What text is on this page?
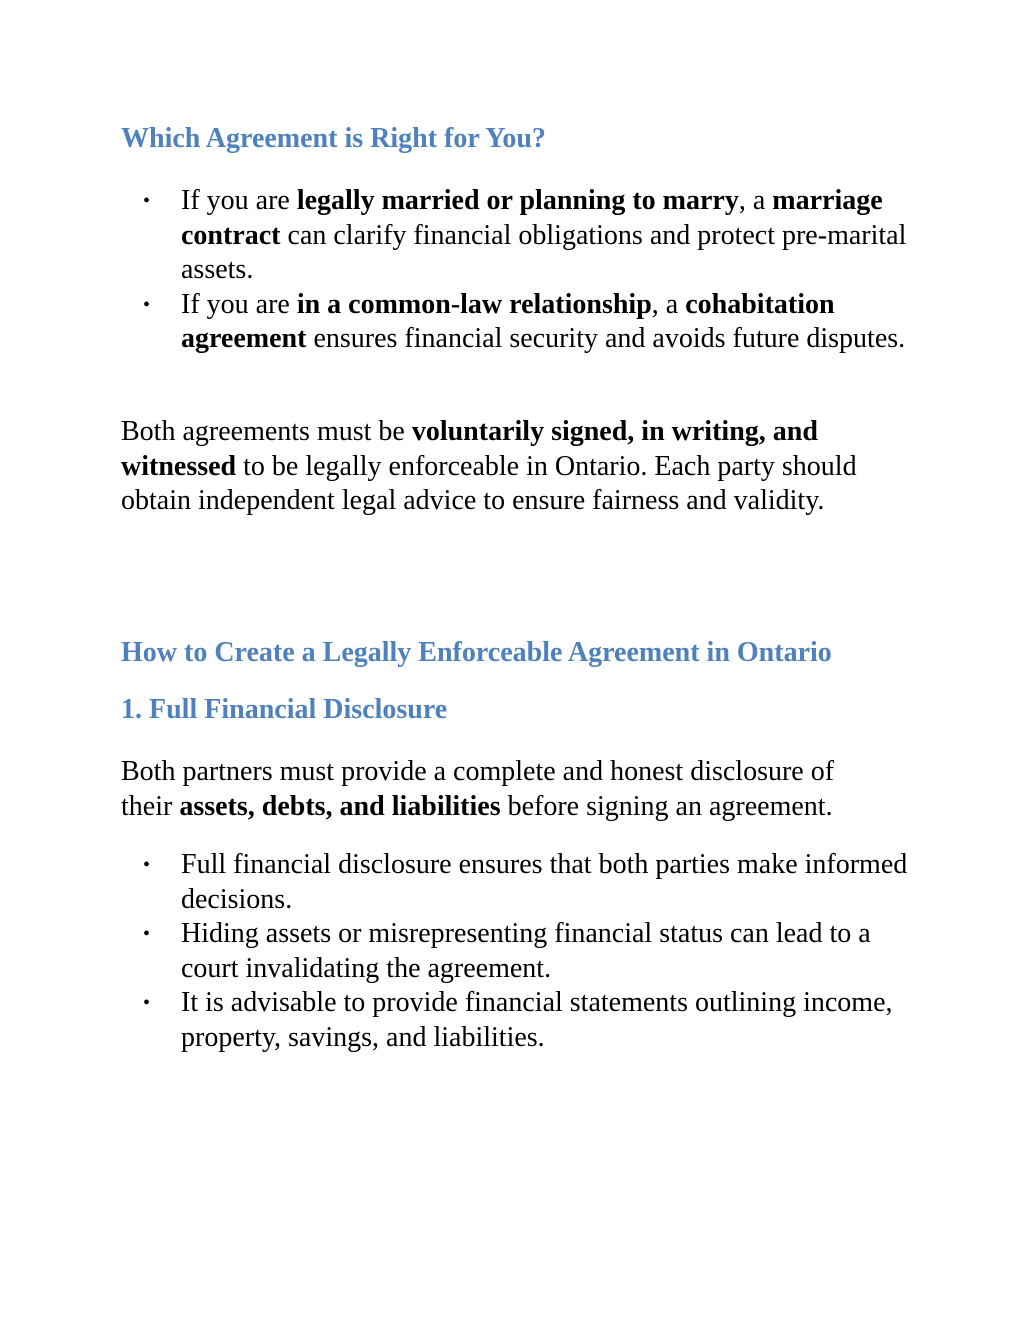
Which Agreement is Right for You?
• If you are legally married or planning to marry, a marriage contract can clarify financial obligations and protect pre-marital assets.
• If you are in a common-law relationship, a cohabitation agreement ensures financial security and avoids future disputes.

Both agreements must be voluntarily signed, in writing, and witnessed to be legally enforceable in Ontario. Each party should obtain independent legal advice to ensure fairness and validity.

How to Create a Legally Enforceable Agreement in Ontario
1. Full Financial Disclosure

Both partners must provide a complete and honest disclosure of their assets, debts, and liabilities before signing an agreement.

• Full financial disclosure ensures that both parties make informed decisions.
• Hiding assets or misrepresenting financial status can lead to a court invalidating the agreement.
• It is advisable to provide financial statements outlining income, property, savings, and liabilities.
